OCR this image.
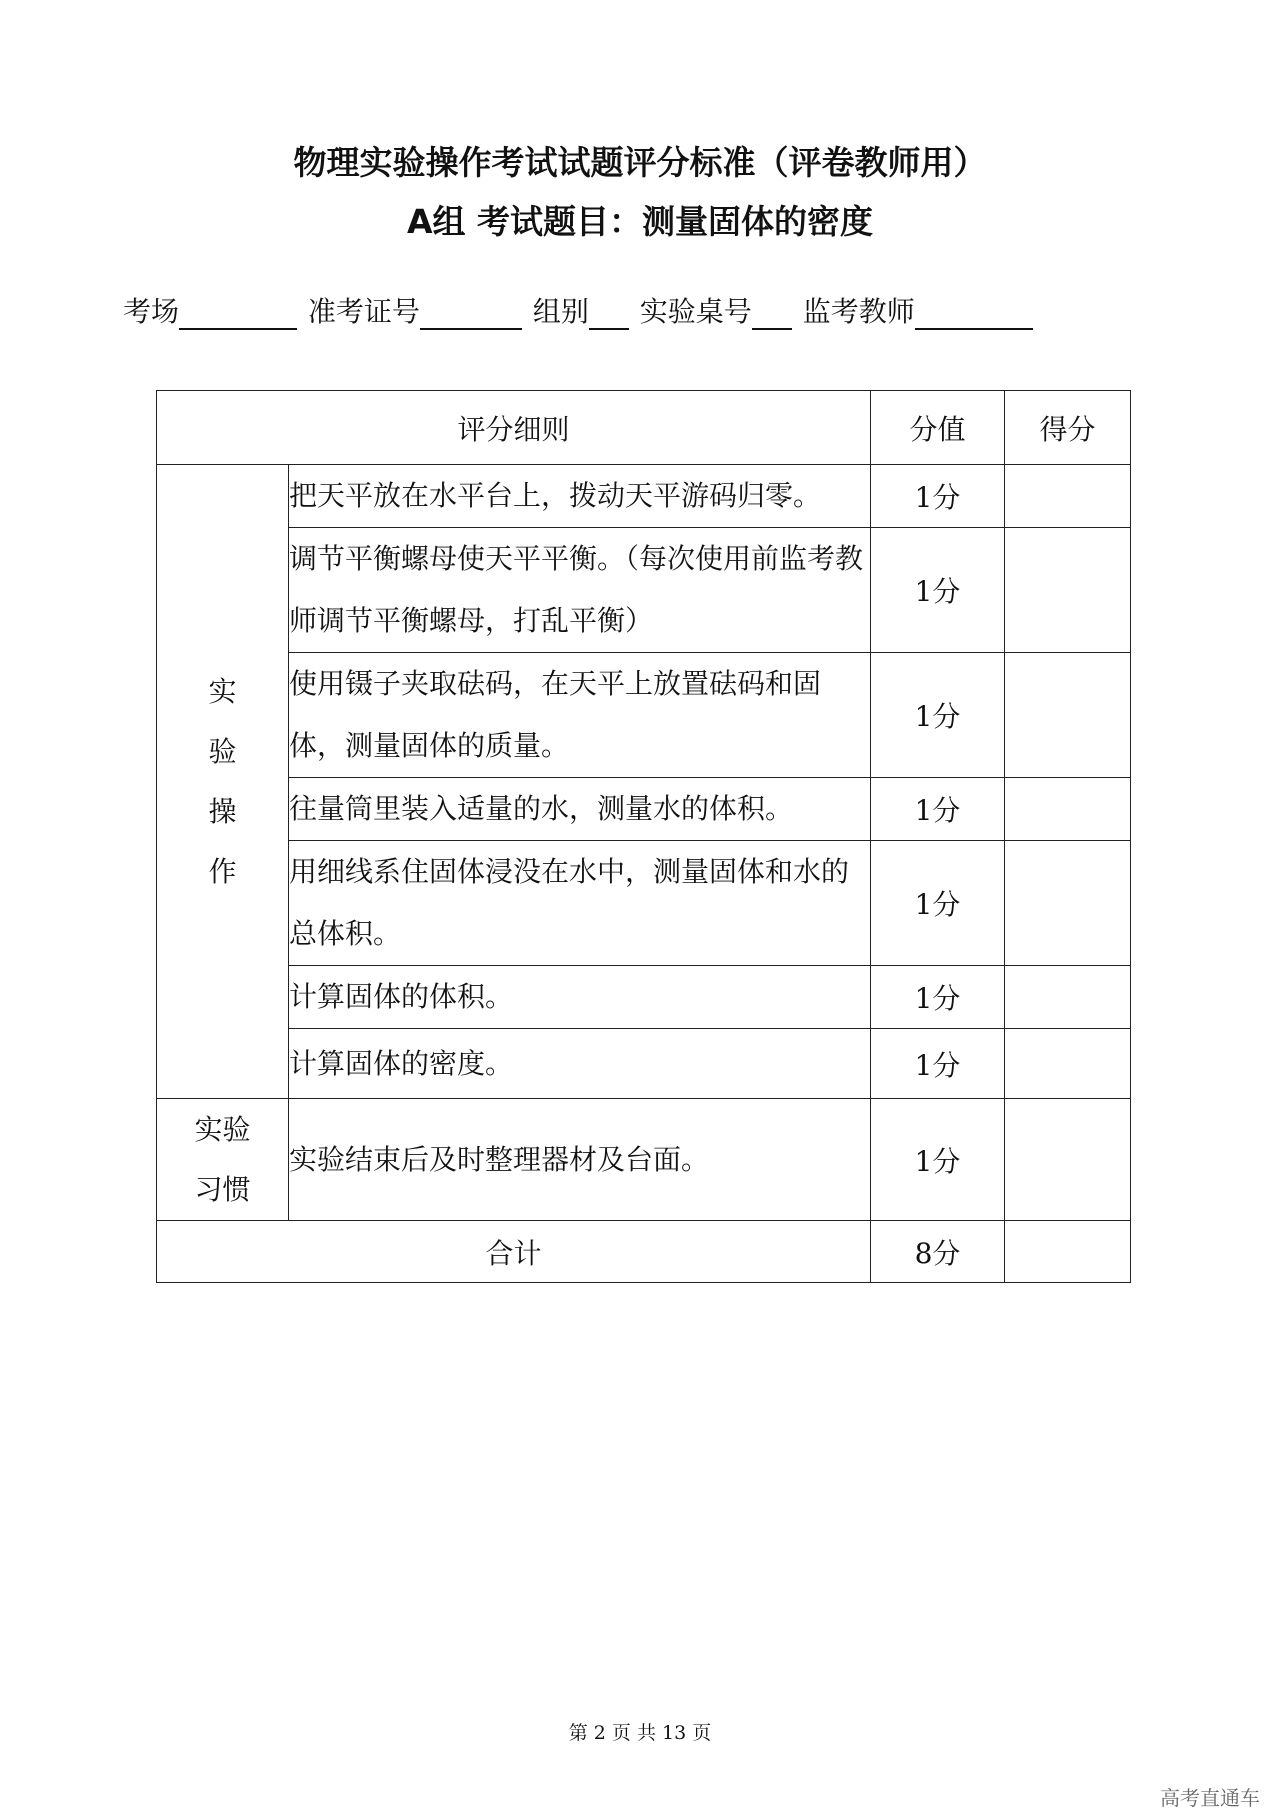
物理实验操作考试试题评分标准（评卷教师用）
A组 考试题目：测量固体的密度
考场	准考证号	组别 实验桌号 监考教师
评分细则		分值	得分

实
验
操
作	把天平放在水平台上，拨动天平游码归零。	1分	
	调节平衡螺母使天平平衡。（每次使用前监考教师调节平衡螺母，打乱平衡）	1分	
	使用镊子夹取砝码，在天平上放置砝码和固体，测量固体的质量。	1分	
	往量筒里装入适量的水，测量水的体积。	1分	
	用细线系住固体浸没在水中，测量固体和水的总体积。	1分	
	计算固体的体积。	1分	
	计算固体的密度。	1分	

实验
习惯	实验结束后及时整理器材及台面。	1分	
合计		8分	
第 2 页 共 13 页
高考直通车
